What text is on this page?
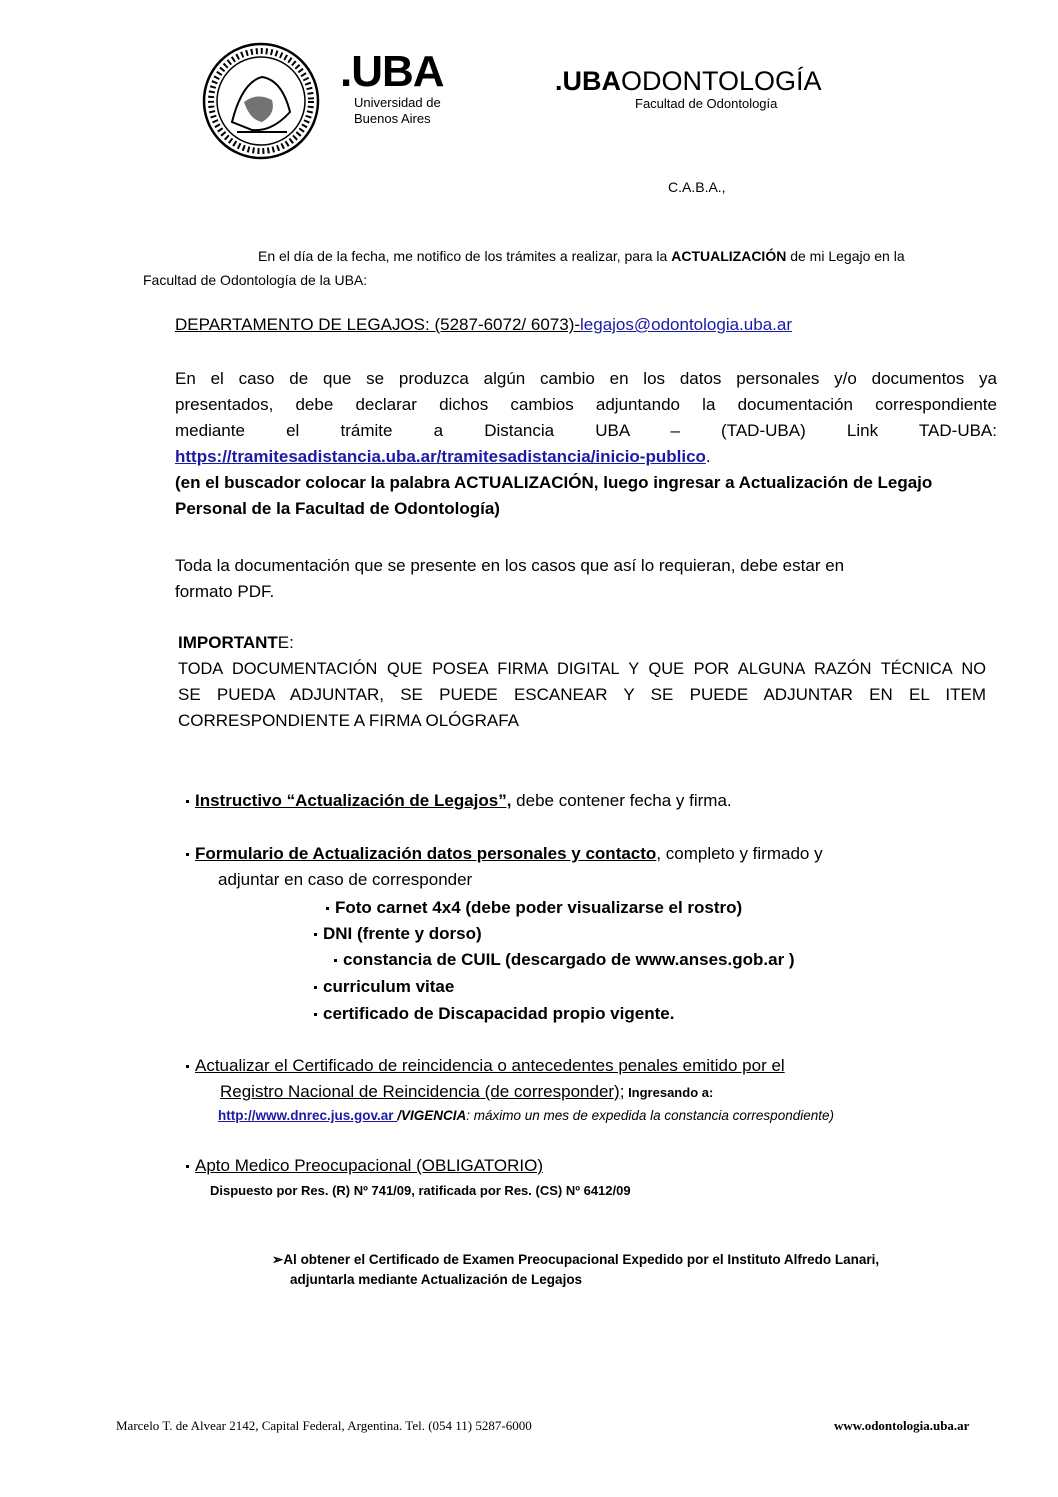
.UBA
Universidad de
Buenos Aires
.UBAODONTOLOGÍA
Facultad de Odontología
C.A.B.A.,
En el día de la fecha, me notifico de los trámites a realizar, para la ACTUALIZACIÓN de mi Legajo en la
Facultad de Odontología de la UBA:
DEPARTAMENTO DE LEGAJOS: (5287-6072/ 6073)-legajos@odontologia.uba.ar
En el caso de que se produzca algún cambio en los datos personales y/o documentos ya
presentados, debe declarar dichos cambios adjuntando la documentación correspondiente
mediante el trámite a Distancia UBA – (TAD-UBA) Link TAD-UBA:
https://tramitesadistancia.uba.ar/tramitesadistancia/inicio-publico.
(en el buscador colocar la palabra ACTUALIZACIÓN, luego ingresar a Actualización de Legajo
Personal de la Facultad de Odontología)
Toda la documentación que se presente en los casos que así lo requieran, debe estar en
formato PDF.
IMPORTANTE:
TODA DOCUMENTACIÓN QUE POSEA FIRMA DIGITAL Y QUE POR ALGUNA RAZÓN TÉCNICA NO
SE PUEDA ADJUNTAR, SE PUEDE ESCANEAR Y SE PUEDE ADJUNTAR EN EL ITEM
CORRESPONDIENTE A FIRMA OLÓGRAFA
Instructivo “Actualización de Legajos”, debe contener fecha y firma.
Formulario de Actualización datos personales y contacto, completo y firmado y
adjuntar en caso de corresponder
Foto carnet 4x4 (debe poder visualizarse el rostro)
DNI (frente y dorso)
constancia de CUIL (descargado de www.anses.gob.ar )
curriculum vitae
certificado de Discapacidad propio vigente.
Actualizar el Certificado de reincidencia o antecedentes penales emitido por el
Registro Nacional de Reincidencia (de corresponder); Ingresando a:
http://www.dnrec.jus.gov.ar /VIGENCIA: máximo un mes de expedida la constancia correspondiente)
Apto Medico Preocupacional (OBLIGATORIO)
Dispuesto por Res. (R) Nº 741/09, ratificada por Res. (CS) Nº 6412/09
➢Al obtener el Certificado de Examen Preocupacional Expedido por el Instituto Alfredo Lanari,
adjuntarla mediante Actualización de Legajos
Marcelo T. de Alvear 2142, Capital Federal, Argentina. Tel. (054 11) 5287-6000	www.odontologia.uba.ar
